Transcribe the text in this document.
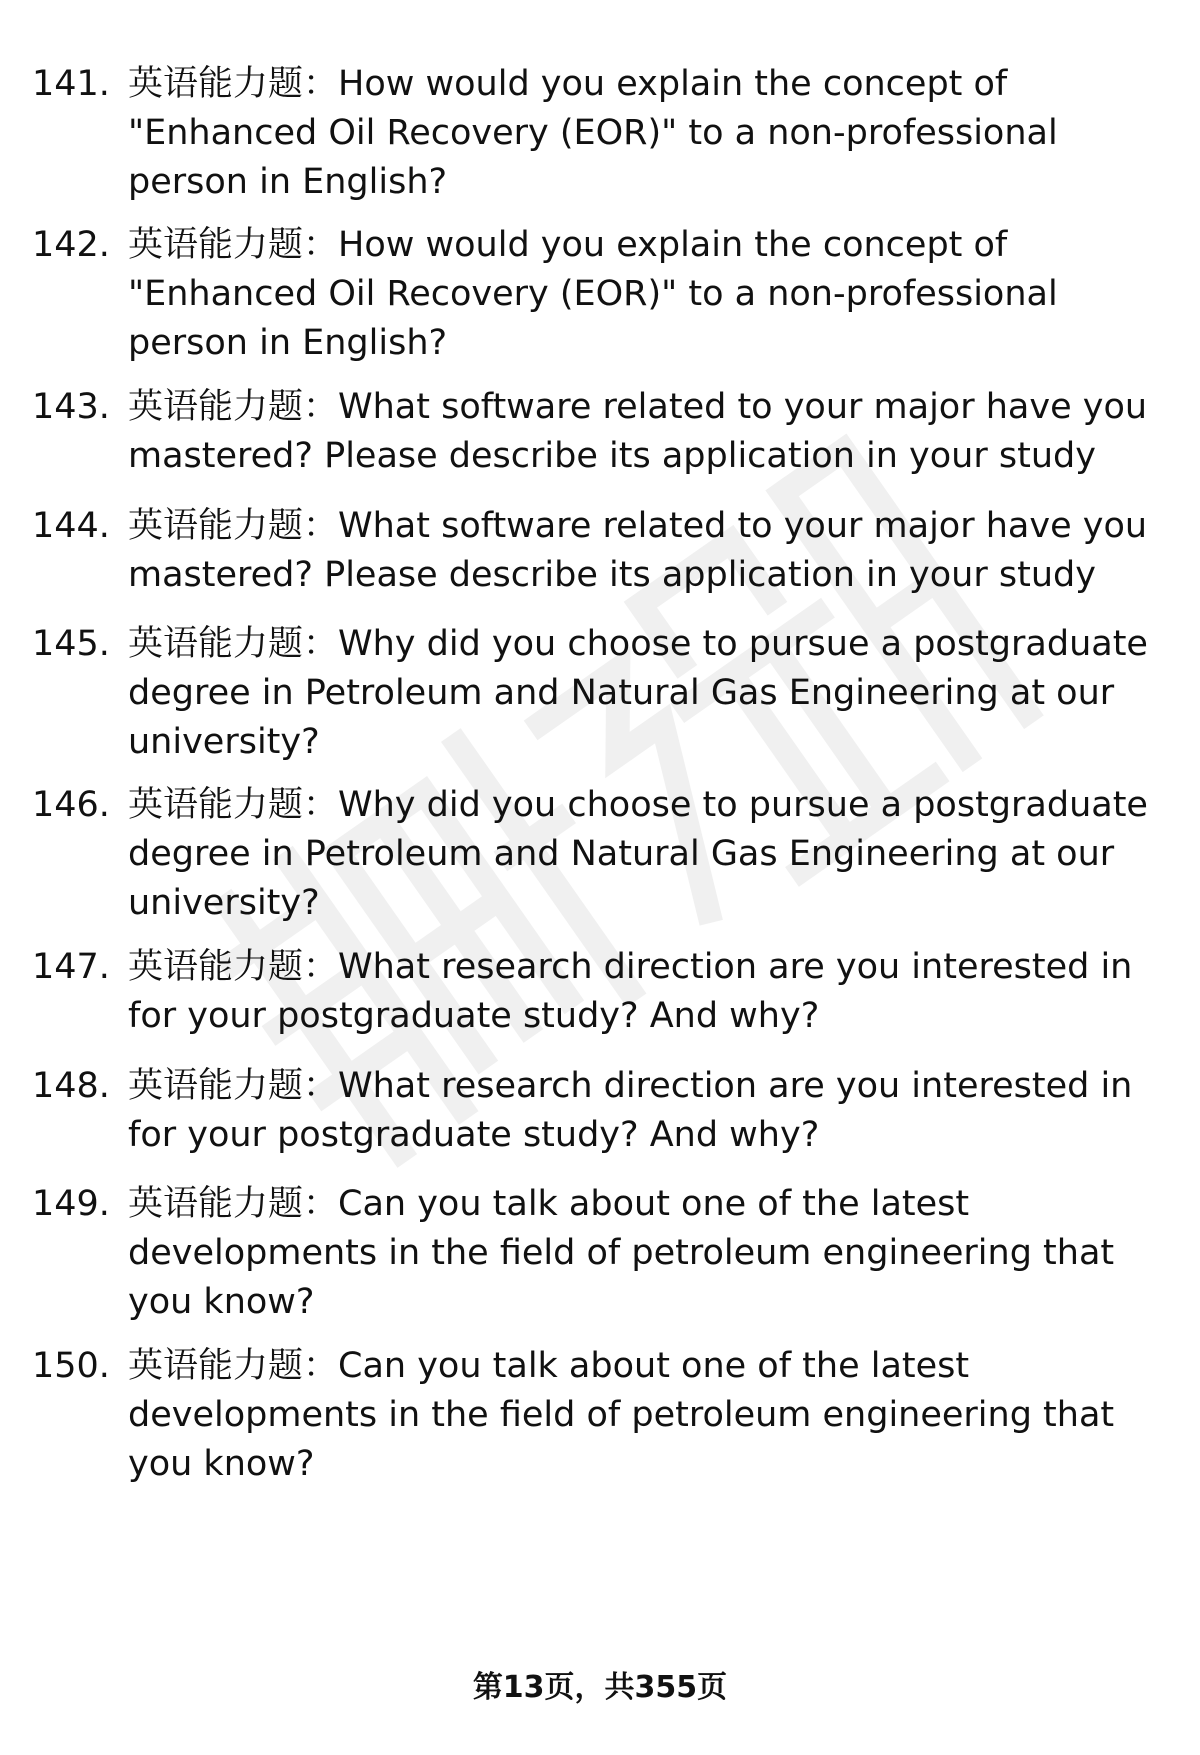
141. 英语能力题：How would you explain the concept of "Enhanced Oil Recovery (EOR)" to a non-professional person in English?
142. 英语能力题：How would you explain the concept of "Enhanced Oil Recovery (EOR)" to a non-professional person in English?
143. 英语能力题：What software related to your major have you mastered? Please describe its application in your study
144. 英语能力题：What software related to your major have you mastered? Please describe its application in your study
145. 英语能力题：Why did you choose to pursue a postgraduate degree in Petroleum and Natural Gas Engineering at our university?
146. 英语能力题：Why did you choose to pursue a postgraduate degree in Petroleum and Natural Gas Engineering at our university?
147. 英语能力题：What research direction are you interested in for your postgraduate study? And why?
148. 英语能力题：What research direction are you interested in for your postgraduate study? And why?
149. 英语能力题：Can you talk about one of the latest developments in the field of petroleum engineering that you know?
150. 英语能力题：Can you talk about one of the latest developments in the field of petroleum engineering that you know?
第13页，共355页
